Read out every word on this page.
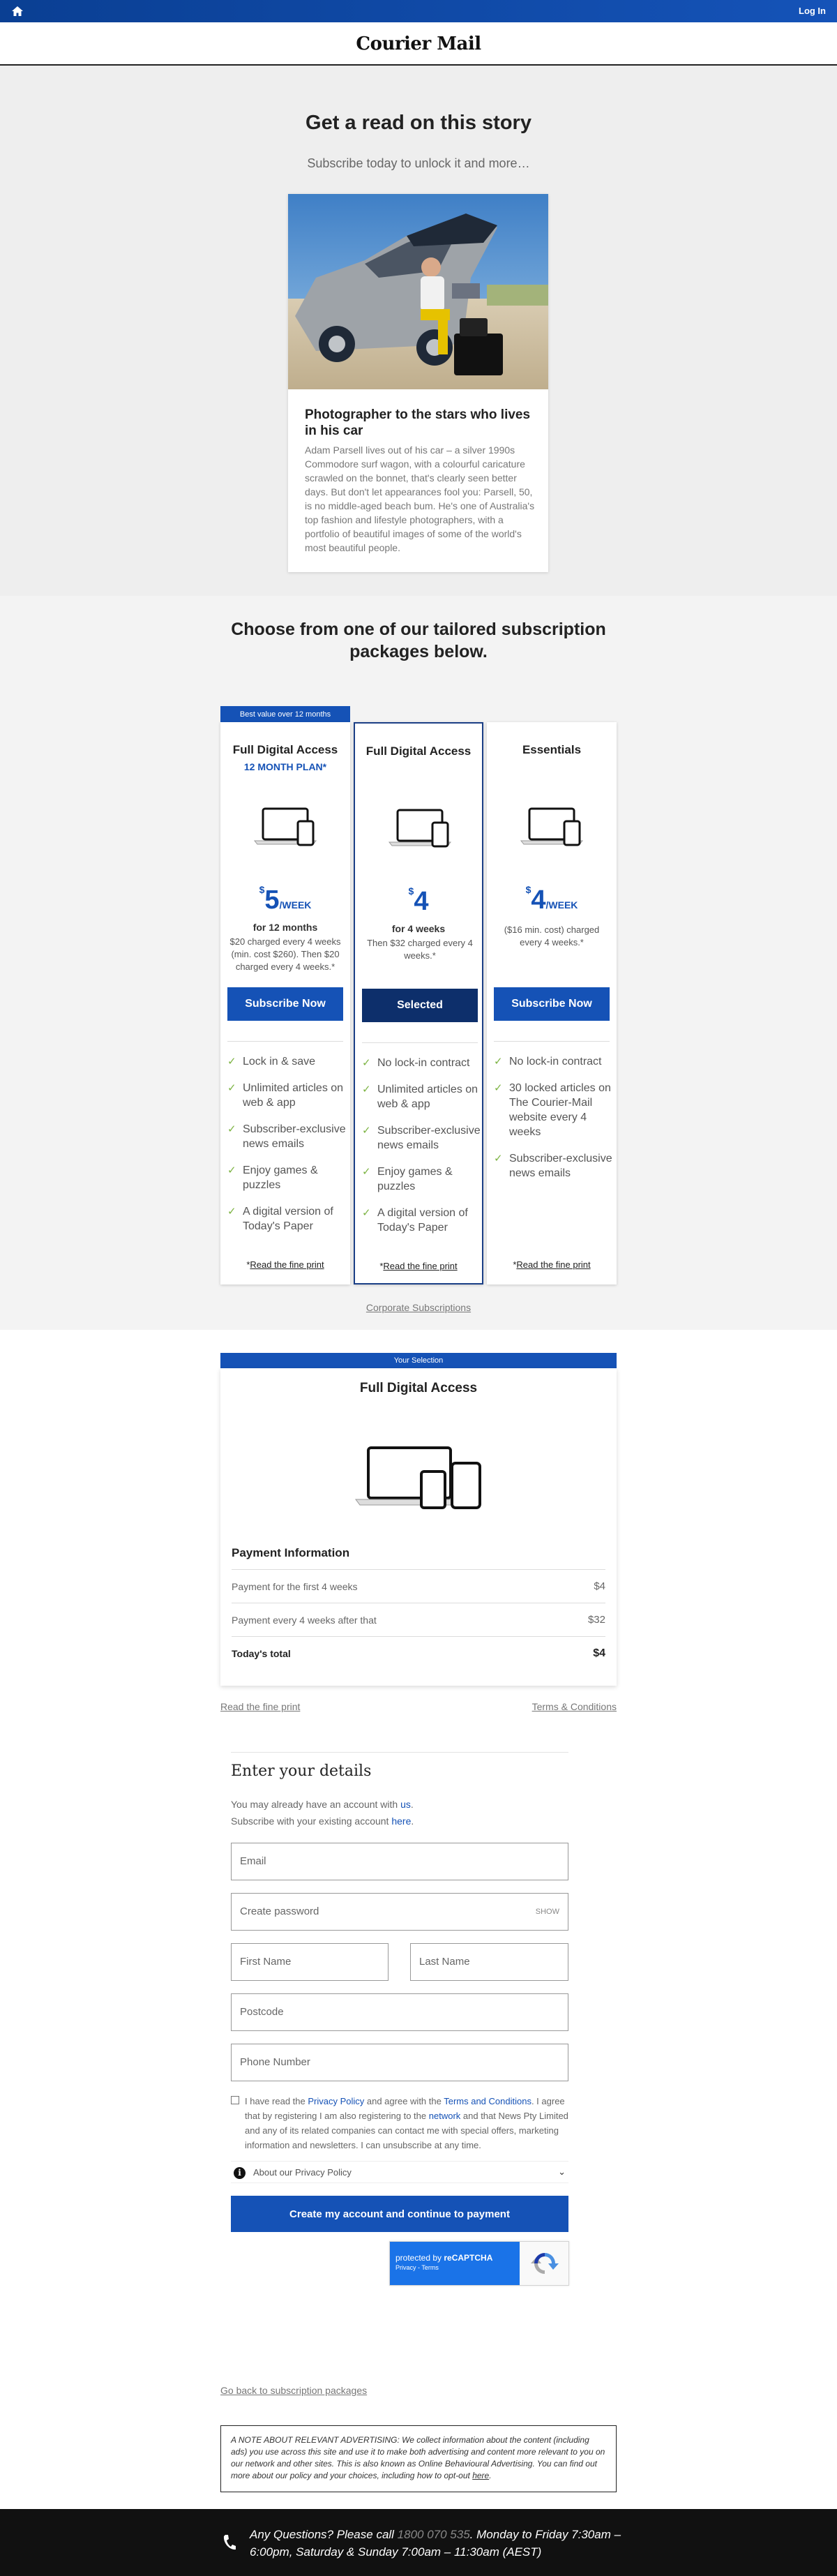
Log In
Courier Mail
Get a read on this story
Subscribe today to unlock it and more…
Photographer to the stars who lives in his car
Adam Parsell lives out of his car – a silver 1990s Commodore surf wagon, with a colourful caricature scrawled on the bonnet, that's clearly seen better days. But don't let appearances fool you: Parsell, 50, is no middle-aged beach bum. He's one of Australia's top fashion and lifestyle photographers, with a portfolio of beautiful images of some of the world's most beautiful people.
Choose from one of our tailored subscription packages below.
Best value over 12 months
Full Digital Access
12 MONTH PLAN*
$5/WEEK
for 12 months
$20 charged every 4 weeks (min. cost $260). Then $20 charged every 4 weeks.*
Subscribe Now
✓ Lock in & save
✓ Unlimited articles on web & app
✓ Subscriber-exclusive news emails
✓ Enjoy games & puzzles
✓ A digital version of Today's Paper
*Read the fine print
Full Digital Access
$4
for 4 weeks
Then $32 charged every 4 weeks.*
Selected
✓ No lock-in contract
✓ Unlimited articles on web & app
✓ Subscriber-exclusive news emails
✓ Enjoy games & puzzles
✓ A digital version of Today's Paper
*Read the fine print
Essentials
$4/WEEK
($16 min. cost) charged every 4 weeks.*
Subscribe Now
✓ No lock-in contract
✓ 30 locked articles on The Courier-Mail website every 4 weeks
✓ Subscriber-exclusive news emails
*Read the fine print
Corporate Subscriptions
Your Selection
Full Digital Access
Payment Information
Payment for the first 4 weeks	$4
Payment every 4 weeks after that	$32
Today's total	$4
Read the fine print	Terms & Conditions
Enter your details
You may already have an account with us.
Subscribe with your existing account here.
Email
Create password	SHOW
First Name	Last Name
Postcode
Phone Number
I have read the Privacy Policy and agree with the Terms and Conditions. I agree that by registering I am also registering to the network and that News Pty Limited and any of its related companies can contact me with special offers, marketing information and newsletters. I can unsubscribe at any time.
i	About our Privacy Policy	⌄
Create my account and continue to payment
protected by reCAPTCHA
Privacy - Terms
Go back to subscription packages
A NOTE ABOUT RELEVANT ADVERTISING: We collect information about the content (including ads) you use across this site and use it to make both advertising and content more relevant to you on our network and other sites. This is also known as Online Behavioural Advertising. You can find out more about our policy and your choices, including how to opt-out here.
Any Questions? Please call 1800 070 535. Monday to Friday 7:30am – 6:00pm, Saturday & Sunday 7:00am – 11:30am (AEST)
